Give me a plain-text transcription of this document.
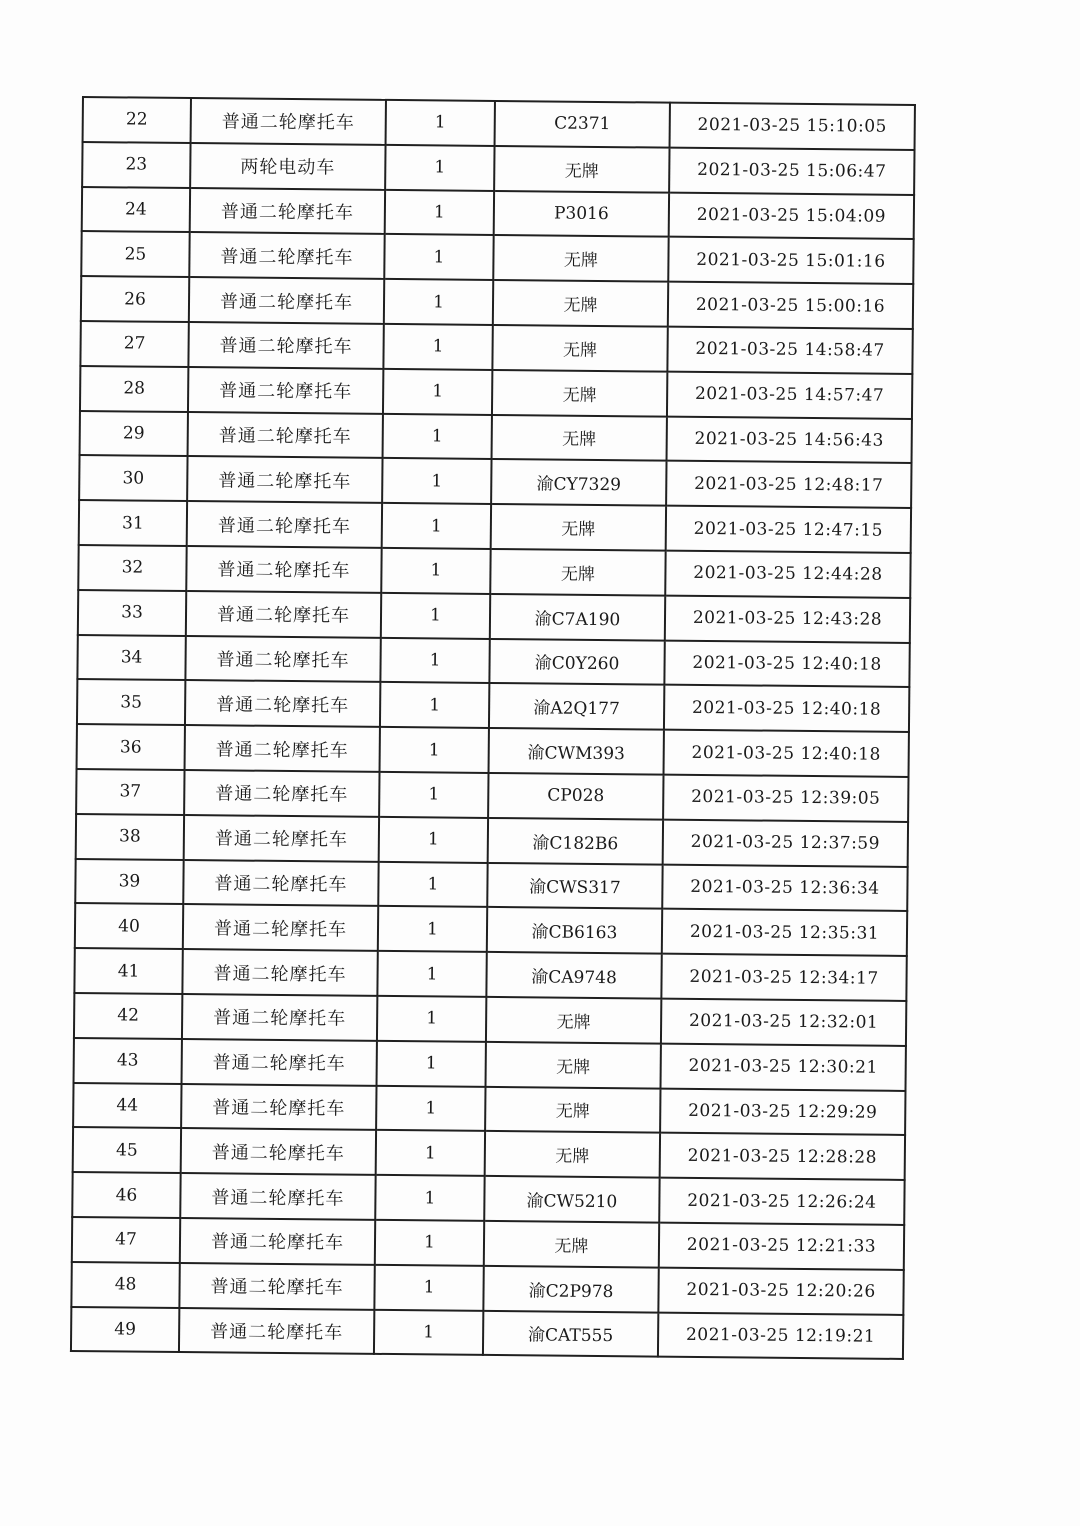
22	普通二轮摩托车	1	C2371	2021-03-25 15:10:05
23	两轮电动车	1	无牌	2021-03-25 15:06:47
24	普通二轮摩托车	1	P3016	2021-03-25 15:04:09
25	普通二轮摩托车	1	无牌	2021-03-25 15:01:16
26	普通二轮摩托车	1	无牌	2021-03-25 15:00:16
27	普通二轮摩托车	1	无牌	2021-03-25 14:58:47
28	普通二轮摩托车	1	无牌	2021-03-25 14:57:47
29	普通二轮摩托车	1	无牌	2021-03-25 14:56:43
30	普通二轮摩托车	1	渝CY7329	2021-03-25 12:48:17
31	普通二轮摩托车	1	无牌	2021-03-25 12:47:15
32	普通二轮摩托车	1	无牌	2021-03-25 12:44:28
33	普通二轮摩托车	1	渝C7A190	2021-03-25 12:43:28
34	普通二轮摩托车	1	渝C0Y260	2021-03-25 12:40:18
35	普通二轮摩托车	1	渝A2Q177	2021-03-25 12:40:18
36	普通二轮摩托车	1	渝CWM393	2021-03-25 12:40:18
37	普通二轮摩托车	1	CP028	2021-03-25 12:39:05
38	普通二轮摩托车	1	渝C182B6	2021-03-25 12:37:59
39	普通二轮摩托车	1	渝CWS317	2021-03-25 12:36:34
40	普通二轮摩托车	1	渝CB6163	2021-03-25 12:35:31
41	普通二轮摩托车	1	渝CA9748	2021-03-25 12:34:17
42	普通二轮摩托车	1	无牌	2021-03-25 12:32:01
43	普通二轮摩托车	1	无牌	2021-03-25 12:30:21
44	普通二轮摩托车	1	无牌	2021-03-25 12:29:29
45	普通二轮摩托车	1	无牌	2021-03-25 12:28:28
46	普通二轮摩托车	1	渝CW5210	2021-03-25 12:26:24
47	普通二轮摩托车	1	无牌	2021-03-25 12:21:33
48	普通二轮摩托车	1	渝C2P978	2021-03-25 12:20:26
49	普通二轮摩托车	1	渝CAT555	2021-03-25 12:19:21
